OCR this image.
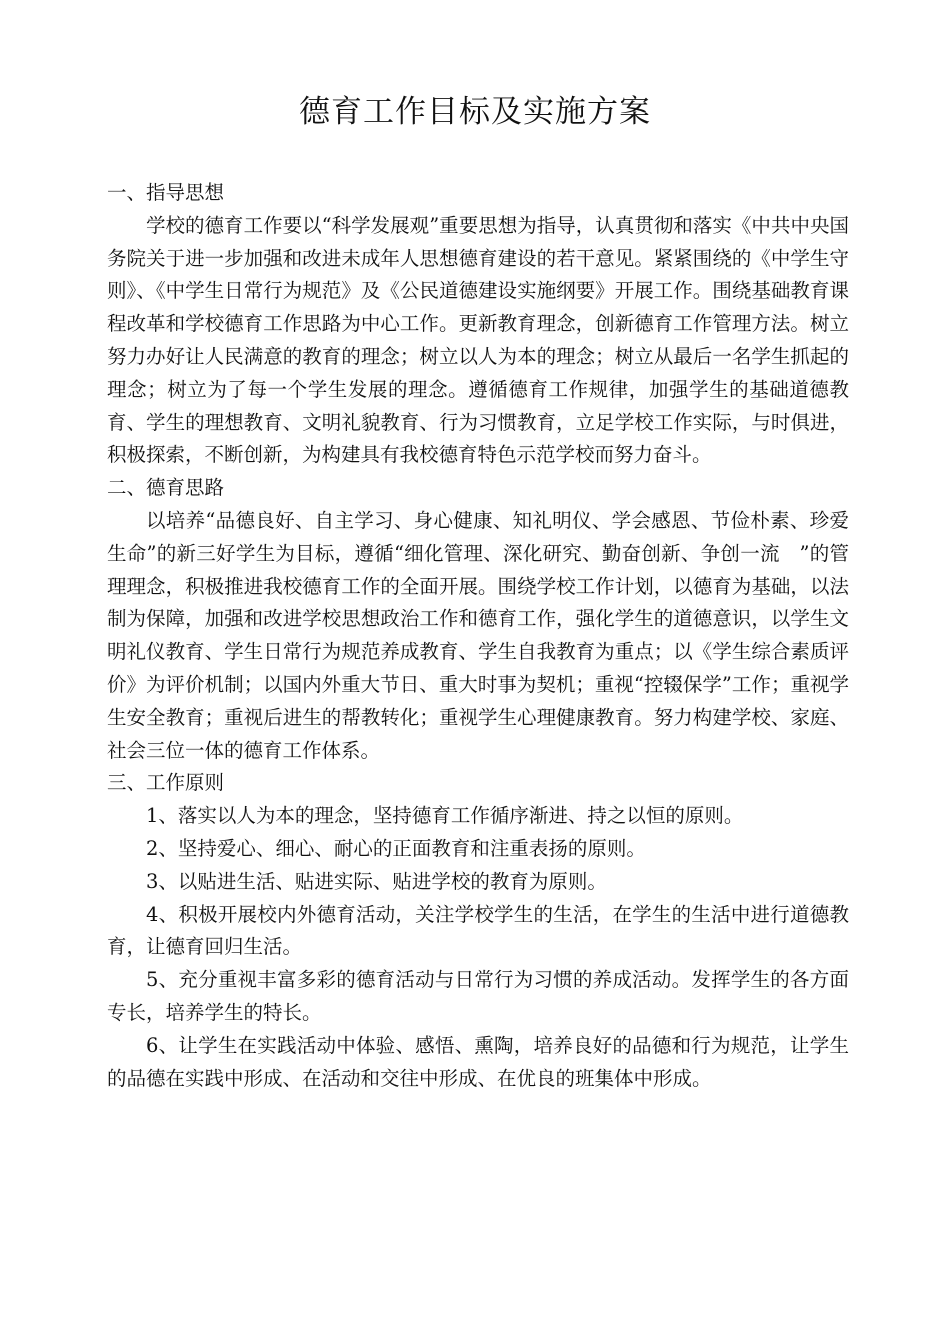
德育工作目标及实施方案

一、指导思想

学校的德育工作要以“科学发展观”重要思想为指导，认真贯彻和落实《中共中央国务院关于进一步加强和改进未成年人思想德育建设的若干意见。紧紧围绕的《中学生守则》、《中学生日常行为规范》及《公民道德建设实施纲要》开展工作。围绕基础教育课程改革和学校德育工作思路为中心工作。更新教育理念，创新德育工作管理方法。树立努力办好让人民满意的教育的理念；树立以人为本的理念；树立从最后一名学生抓起的理念；树立为了每一个学生发展的理念。遵循德育工作规律，加强学生的基础道德教育、学生的理想教育、文明礼貌教育、行为习惯教育，立足学校工作实际，与时俱进，积极探索，不断创新，为构建具有我校德育特色示范学校而努力奋斗。

二、德育思路

以培养“品德良好、自主学习、身心健康、知礼明仪、学会感恩、节俭朴素、珍爱生命”的新三好学生为目标，遵循“细化管理、深化研究、勤奋创新、争创一流　”的管理理念，积极推进我校德育工作的全面开展。围绕学校工作计划，以德育为基础，以法制为保障，加强和改进学校思想政治工作和德育工作，强化学生的道德意识，以学生文明礼仪教育、学生日常行为规范养成教育、学生自我教育为重点；以《学生综合素质评价》为评价机制；以国内外重大节日、重大时事为契机；重视“控辍保学”工作；重视学生安全教育；重视后进生的帮教转化；重视学生心理健康教育。努力构建学校、家庭、社会三位一体的德育工作体系。

三、工作原则

1、落实以人为本的理念，坚持德育工作循序渐进、持之以恒的原则。

2、坚持爱心、细心、耐心的正面教育和注重表扬的原则。

3、以贴进生活、贴进实际、贴进学校的教育为原则。

4、积极开展校内外德育活动，关注学校学生的生活，在学生的生活中进行道德教育，让德育回归生活。

5、充分重视丰富多彩的德育活动与日常行为习惯的养成活动。发挥学生的各方面专长，培养学生的特长。

6、让学生在实践活动中体验、感悟、熏陶，培养良好的品德和行为规范，让学生的品德在实践中形成、在活动和交往中形成、在优良的班集体中形成。
